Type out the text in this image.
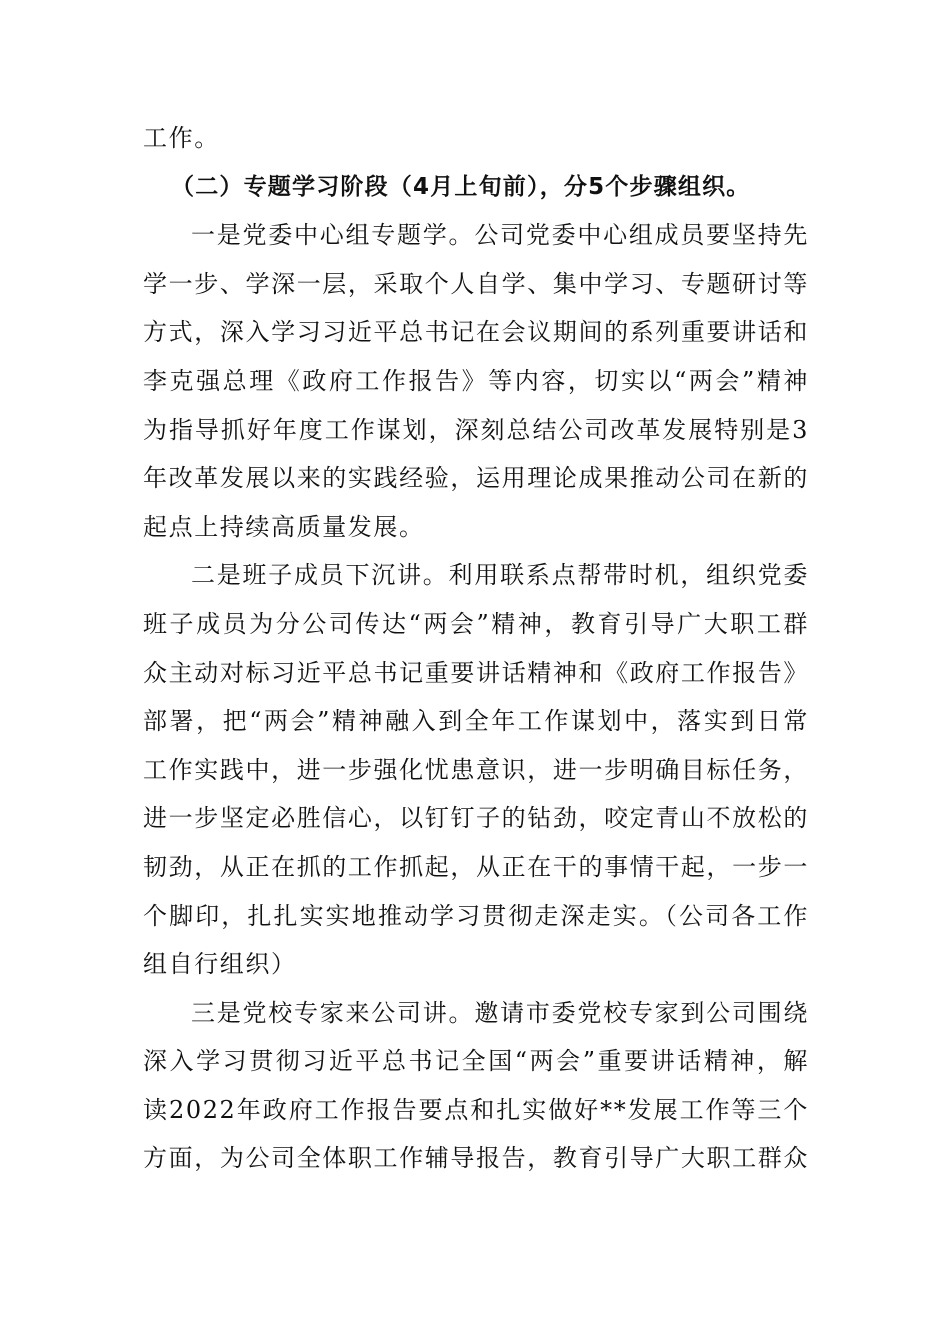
工作。
（二）专题学习阶段（4月上旬前），分5个步骤组织。
一是党委中心组专题学。公司党委中心组成员要坚持先
学一步、学深一层，采取个人自学、集中学习、专题研讨等
方式，深入学习习近平总书记在会议期间的系列重要讲话和
李克强总理《政府工作报告》等内容，切实以“两会”精神
为指导抓好年度工作谋划，深刻总结公司改革发展特别是3
年改革发展以来的实践经验，运用理论成果推动公司在新的
起点上持续高质量发展。
二是班子成员下沉讲。利用联系点帮带时机，组织党委
班子成员为分公司传达“两会”精神，教育引导广大职工群
众主动对标习近平总书记重要讲话精神和《政府工作报告》
部署，把“两会”精神融入到全年工作谋划中，落实到日常
工作实践中，进一步强化忧患意识，进一步明确目标任务，
进一步坚定必胜信心，以钉钉子的钻劲，咬定青山不放松的
韧劲，从正在抓的工作抓起，从正在干的事情干起，一步一
个脚印，扎扎实实地推动学习贯彻走深走实。（公司各工作
组自行组织）
三是党校专家来公司讲。邀请市委党校专家到公司围绕
深入学习贯彻习近平总书记全国“两会”重要讲话精神，解
读2022年政府工作报告要点和扎实做好**发展工作等三个
方面，为公司全体职工作辅导报告，教育引导广大职工群众
